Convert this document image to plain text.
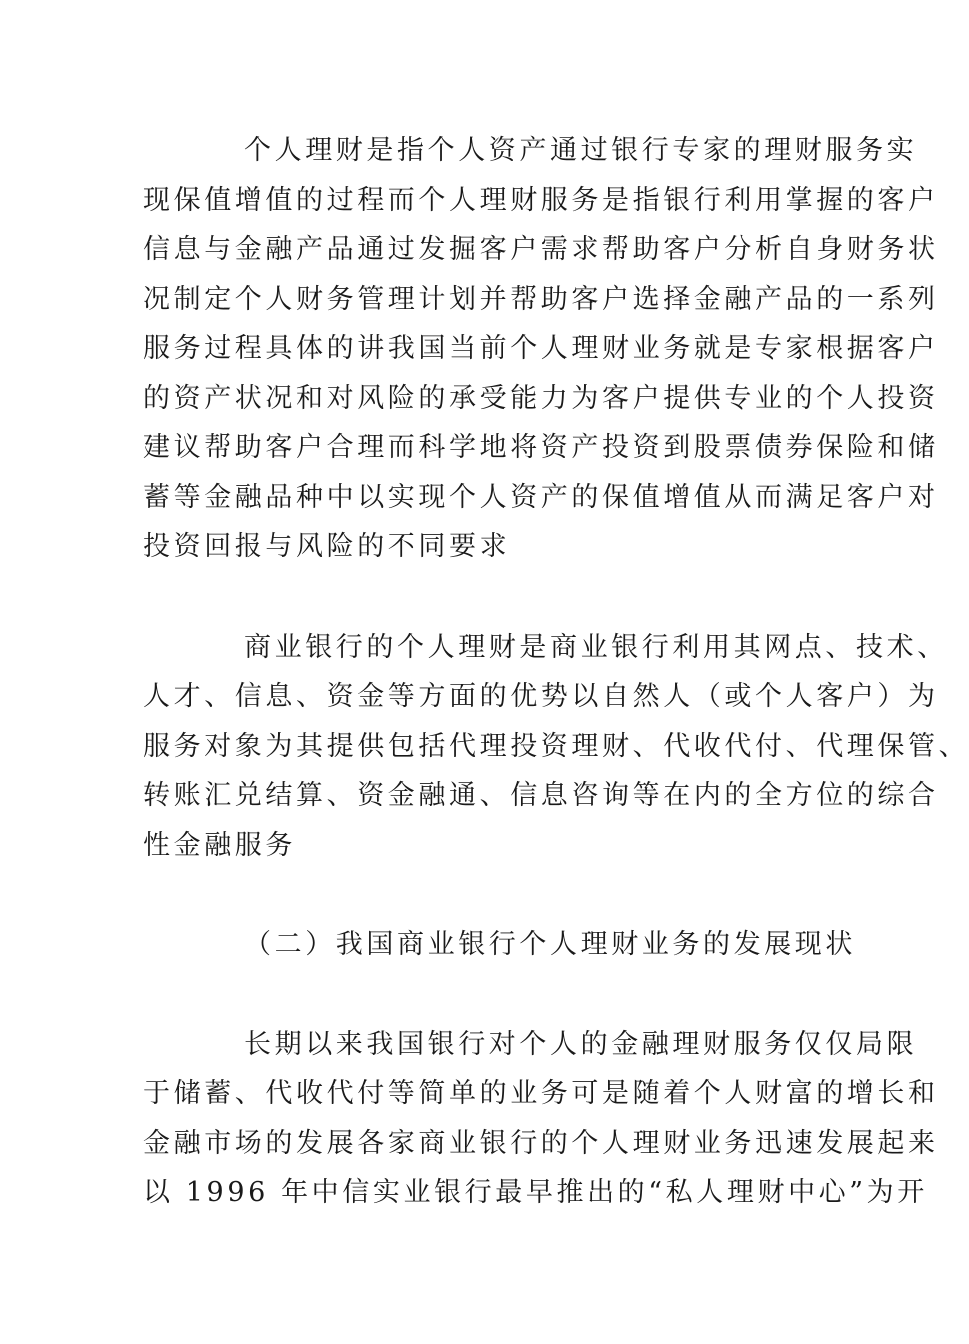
个人理财是指个人资产通过银行专家的理财服务实
现保值增值的过程而个人理财服务是指银行利用掌握的客户
信息与金融产品通过发掘客户需求帮助客户分析自身财务状
况制定个人财务管理计划并帮助客户选择金融产品的一系列
服务过程具体的讲我国当前个人理财业务就是专家根据客户
的资产状况和对风险的承受能力为客户提供专业的个人投资
建议帮助客户合理而科学地将资产投资到股票债券保险和储
蓄等金融品种中以实现个人资产的保值增值从而满足客户对
投资回报与风险的不同要求
商业银行的个人理财是商业银行利用其网点、技术、
人才、信息、资金等方面的优势以自然人（或个人客户）为
服务对象为其提供包括代理投资理财、代收代付、代理保管、
转账汇兑结算、资金融通、信息咨询等在内的全方位的综合
性金融服务
（二）我国商业银行个人理财业务的发展现状
长期以来我国银行对个人的金融理财服务仅仅局限
于储蓄、代收代付等简单的业务可是随着个人财富的增长和
金融市场的发展各家商业银行的个人理财业务迅速发展起来
以 1996 年中信实业银行最早推出的“私人理财中心”为开
